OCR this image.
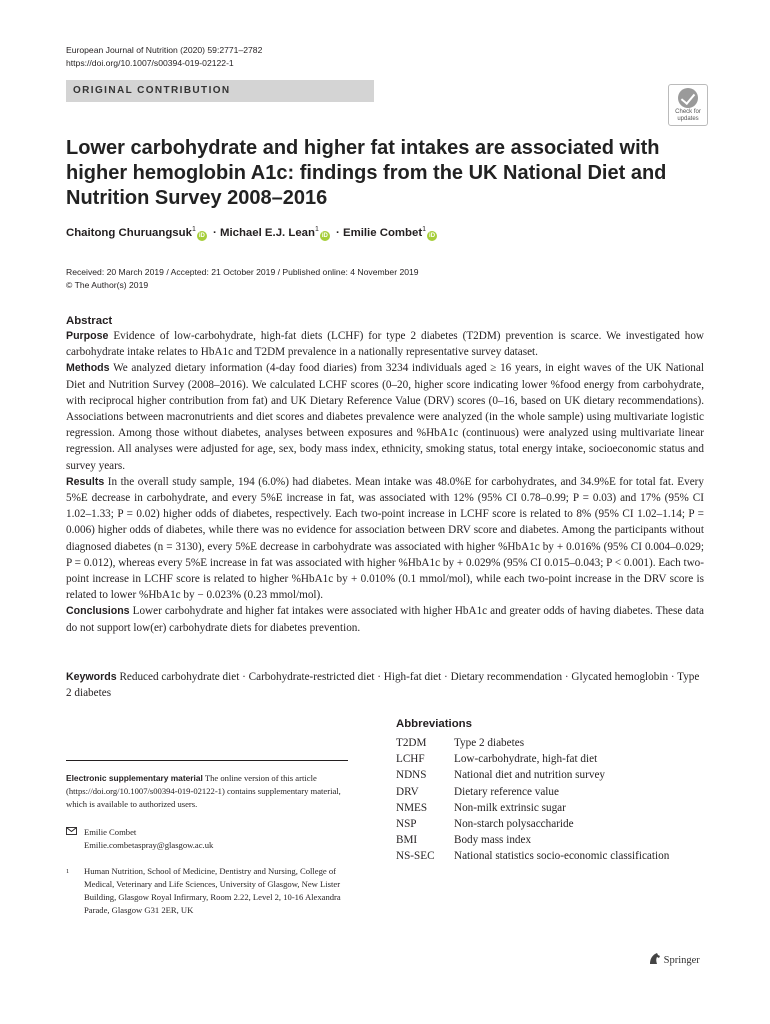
European Journal of Nutrition (2020) 59:2771–2782
https://doi.org/10.1007/s00394-019-02122-1
ORIGINAL CONTRIBUTION
Check for
updates
Lower carbohydrate and higher fat intakes are associated with higher hemoglobin A1c: findings from the UK National Diet and Nutrition Survey 2008–2016
Chaitong Churuangsuk$^1$iD · Michael E.J. Lean$^1$iD · Emilie Combet$^1$iD
Received: 20 March 2019 / Accepted: 21 October 2019 / Published online: 4 November 2019
© The Author(s) 2019
Abstract

Purpose Evidence of low-carbohydrate, high-fat diets (LCHF) for type 2 diabetes (T2DM) prevention is scarce. We investigated how carbohydrate intake relates to HbA1c and T2DM prevalence in a nationally representative survey dataset.

Methods We analyzed dietary information (4-day food diaries) from 3234 individuals aged ≥ 16 years, in eight waves of the UK National Diet and Nutrition Survey (2008–2016). We calculated LCHF scores (0–20, higher score indicating lower %food energy from carbohydrate, with reciprocal higher contribution from fat) and UK Dietary Reference Value (DRV) scores (0–16, based on UK dietary recommendations). Associations between macronutrients and diet scores and diabetes prevalence were analyzed (in the whole sample) using multivariate logistic regression. Among those without diabetes, analyses between exposures and %HbA1c (continuous) were analyzed using multivariate linear regression. All analyses were adjusted for age, sex, body mass index, ethnicity, smoking status, total energy intake, socioeconomic status and survey years.

Results In the overall study sample, 194 (6.0%) had diabetes. Mean intake was 48.0%E for carbohydrates, and 34.9%E for total fat. Every 5%E decrease in carbohydrate, and every 5%E increase in fat, was associated with 12% (95% CI 0.78–0.99; P = 0.03) and 17% (95% CI 1.02–1.33; P = 0.02) higher odds of diabetes, respectively. Each two-point increase in LCHF score is related to 8% (95% CI 1.02–1.14; P = 0.006) higher odds of diabetes, while there was no evidence for association between DRV score and diabetes. Among the participants without diagnosed diabetes (n = 3130), every 5%E decrease in carbohydrate was associated with higher %HbA1c by + 0.016% (95% CI 0.004–0.029; P = 0.012), whereas every 5%E increase in fat was associated with higher %HbA1c by + 0.029% (95% CI 0.015–0.043; P < 0.001). Each two-point increase in LCHF score is related to higher %HbA1c by + 0.010% (0.1 mmol/mol), while each two-point increase in the DRV score is related to lower %HbA1c by − 0.023% (0.23 mmol/mol).

Conclusions Lower carbohydrate and higher fat intakes were associated with higher HbA1c and greater odds of having diabetes. These data do not support low(er) carbohydrate diets for diabetes prevention.

Keywords Reduced carbohydrate diet · Carbohydrate-restricted diet · High-fat diet · Dietary recommendation · Glycated hemoglobin · Type 2 diabetes
Abbreviations
T2DM	Type 2 diabetes
LCHF	Low-carbohydrate, high-fat diet
NDNS	National diet and nutrition survey
DRV	Dietary reference value
NMES	Non-milk extrinsic sugar
NSP	Non-starch polysaccharide
BMI	Body mass index
NS-SEC	National statistics socio-economic classification
Electronic supplementary material The online version of this article (https://doi.org/10.1007/s00394-019-02122-1) contains supplementary material, which is available to authorized users.
Emilie Combet
Emilie.combetaspray@glasgow.ac.uk
1 Human Nutrition, School of Medicine, Dentistry and Nursing, College of Medical, Veterinary and Life Sciences, University of Glasgow, New Lister Building, Glasgow Royal Infirmary, Room 2.22, Level 2, 10-16 Alexandra Parade, Glasgow G31 2ER, UK
Springer
